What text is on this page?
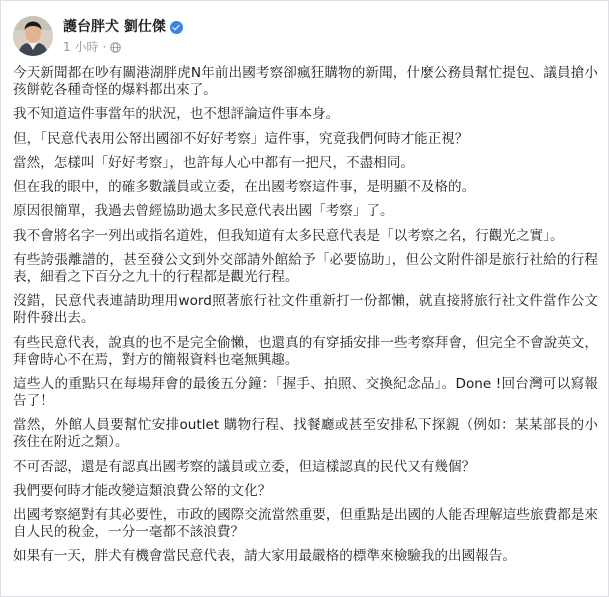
護台胖犬 劉仕傑
1 小時 ·

今天新聞都在吵有關港湖胖虎N年前出國考察卻瘋狂購物的新聞，什麼公務員幫忙提包、議員搶小孩餅乾各種奇怪的爆料都出來了。

我不知道這件事當年的狀況，也不想評論這件事本身。

但，「民意代表用公帑出國卻不好好考察」這件事，究竟我們何時才能正視？

當然，怎樣叫「好好考察」，也許每人心中都有一把尺，不盡相同。

但在我的眼中，的確多數議員或立委，在出國考察這件事，是明顯不及格的。

原因很簡單，我過去曾經協助過太多民意代表出國「考察」了。

我不會將名字一列出或指名道姓，但我知道有太多民意代表是「以考察之名，行觀光之實」。

有些誇張離譜的，甚至發公文到外交部請外館給予「必要協助」，但公文附件卻是旅行社給的行程表，細看之下百分之九十的行程都是觀光行程。

沒錯，民意代表連請助理用word照著旅行社文件重新打一份都懶，就直接將旅行社文件當作公文附件發出去。

有些民意代表，說真的也不是完全偷懶，也還真的有穿插安排一些考察拜會，但完全不會說英文，拜會時心不在焉，對方的簡報資料也毫無興趣。

這些人的重點只在每場拜會的最後五分鐘：「握手、拍照、交換紀念品」。Done !回台灣可以寫報告了！

當然，外館人員要幫忙安排outlet 購物行程、找餐廳或甚至安排私下探親（例如：某某部長的小孩住在附近之類）。

不可否認，還是有認真出國考察的議員或立委，但這樣認真的民代又有幾個？

我們要何時才能改變這類浪費公帑的文化？

出國考察絕對有其必要性，市政的國際交流當然重要，但重點是出國的人能否理解這些旅費都是來自人民的稅金，一分一毫都不該浪費？

如果有一天，胖犬有機會當民意代表，請大家用最嚴格的標準來檢驗我的出國報告。
